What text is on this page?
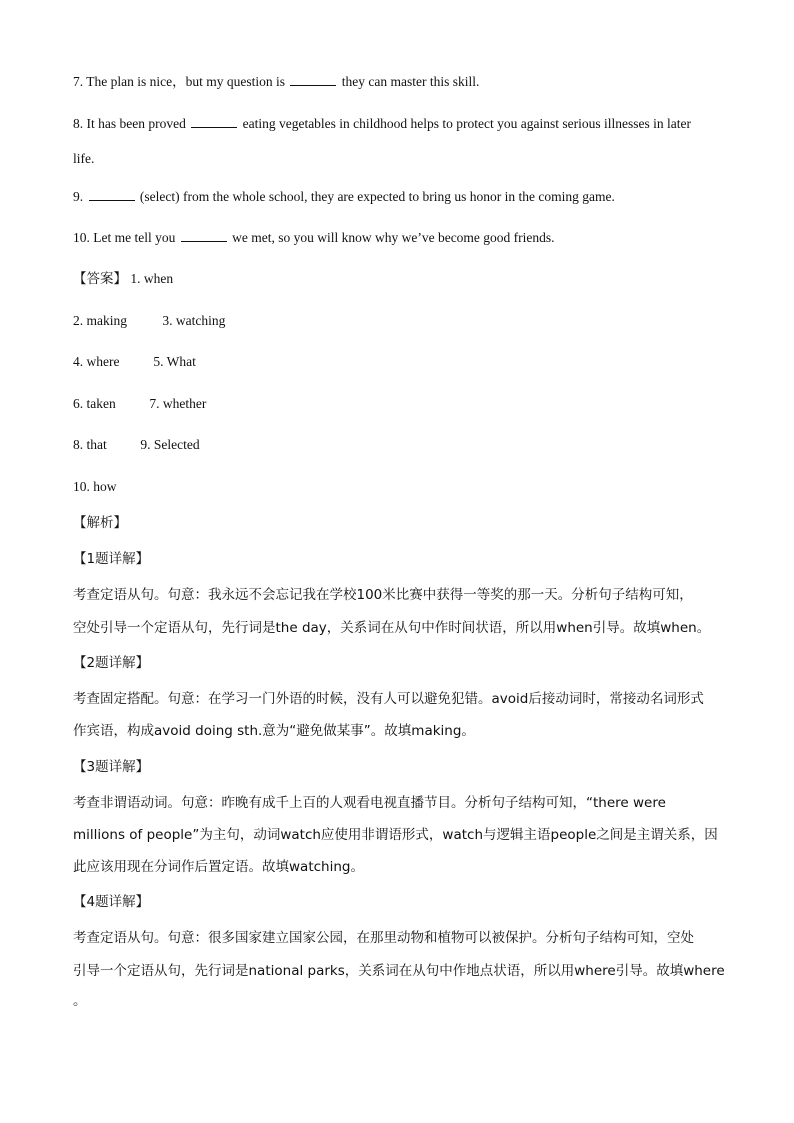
7. The plan is nice，but my question is	they can master this skill.
8. It has been proved	eating vegetables in childhood helps to protect you against serious illnesses in later
life.
9.	(select) from the whole school, they are expected to bring us honor in the coming game.
10. Let me tell you	we met, so you will know why we’ve become good friends.
【答案】 1. when
2. making	3. watching
4. where	5. What
6. taken 7. whether
8. that 9. Selected
10. how
【解析】
【1题详解】
考查定语从句。句意：我永远不会忘记我在学校100米比赛中获得一等奖的那一天。分析句子结构可知，
空处引导一个定语从句，先行词是the day，关系词在从句中作时间状语，所以用when引导。故填when。
【2题详解】
考查固定搭配。句意：在学习一门外语的时候，没有人可以避免犯错。avoid后接动词时，常接动名词形式
作宾语，构成avoid doing sth.意为“避免做某事”。故填making。
【3题详解】
考查非谓语动词。句意：昨晚有成千上百的人观看电视直播节目。分析句子结构可知，“there were
millions of people”为主句，动词watch应使用非谓语形式，watch与逻辑主语people之间是主谓关系，因
此应该用现在分词作后置定语。故填watching。
【4题详解】
考查定语从句。句意：很多国家建立国家公园，在那里动物和植物可以被保护。分析句子结构可知，空处
引导一个定语从句，先行词是national parks，关系词在从句中作地点状语，所以用where引导。故填where
。
